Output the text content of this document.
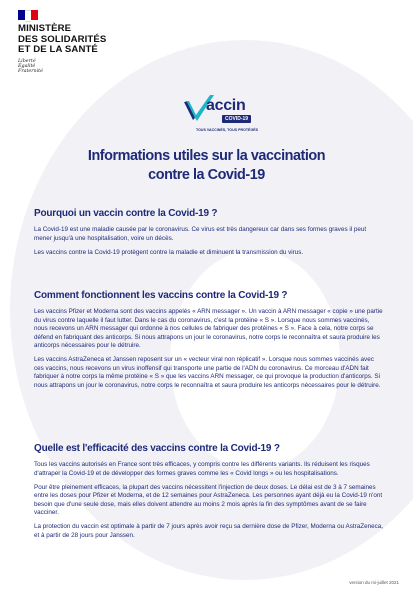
MINISTÈRE
DES SOLIDARITÉS
ET DE LA SANTÉ
Liberté
Égalité
Fraternité
accin
COVID-19
TOUS VACCINÉS, TOUS PROTÉGÉS
Informations utiles sur la vaccination
contre la Covid-19
Pourquoi un vaccin contre la Covid-19 ?

La Covid-19 est une maladie causée par le coronavirus. Ce virus est très dangereux car dans ses formes graves il peut mener jusqu'à une hospitalisation, voire un décès.

Les vaccins contre la Covid-19 protègent contre la maladie et diminuent la transmission du virus.

Comment fonctionnent les vaccins contre la Covid-19 ?

Les vaccins Pfizer et Moderna sont des vaccins appelés « ARN messager ». Un vaccin à ARN messager « copie » une partie du virus contre laquelle il faut lutter. Dans le cas du coronavirus, c'est la protéine « S ». Lorsque nous sommes vaccinés, nous recevons un ARN messager qui ordonne à nos cellules de fabriquer des protéines « S ». Face à cela, notre corps se défend en fabriquant des anticorps. Si nous attrapons un jour le coronavirus, notre corps le reconnaîtra et saura produire les anticorps nécessaires pour le détruire.

Les vaccins AstraZeneca et Janssen reposent sur un « vecteur viral non réplicatif ». Lorsque nous sommes vaccinés avec ces vaccins, nous recevons un virus inoffensif qui transporte une partie de l'ADN du coronavirus. Ce morceau d'ADN fait fabriquer à notre corps la même protéine « S » que les vaccins ARN messager, ce qui provoque la production d'anticorps. Si nous attrapons un jour le coronavirus, notre corps le reconnaîtra et saura produire les anticorps nécessaires pour le détruire.

Quelle est l'efficacité des vaccins contre la Covid-19 ?

Tous les vaccins autorisés en France sont très efficaces, y compris contre les différents variants. Ils réduisent les risques d'attraper la Covid-19 et de développer des formes graves comme les « Covid longs » ou les hospitalisations.

Pour être pleinement efficaces, la plupart des vaccins nécessitent l'injection de deux doses. Le délai est de 3 à 7 semaines entre les doses pour Pfizer et Moderna, et de 12 semaines pour AstraZeneca. Les personnes ayant déjà eu la Covid-19 n'ont besoin que d'une seule dose, mais elles doivent attendre au moins 2 mois après la fin des symptômes avant de se faire vacciner.

La protection du vaccin est optimale à partir de 7 jours après avoir reçu sa dernière dose de Pfizer, Moderna ou AstraZeneca, et à partir de 28 jours pour Janssen.

version du mi-juillet 2021
